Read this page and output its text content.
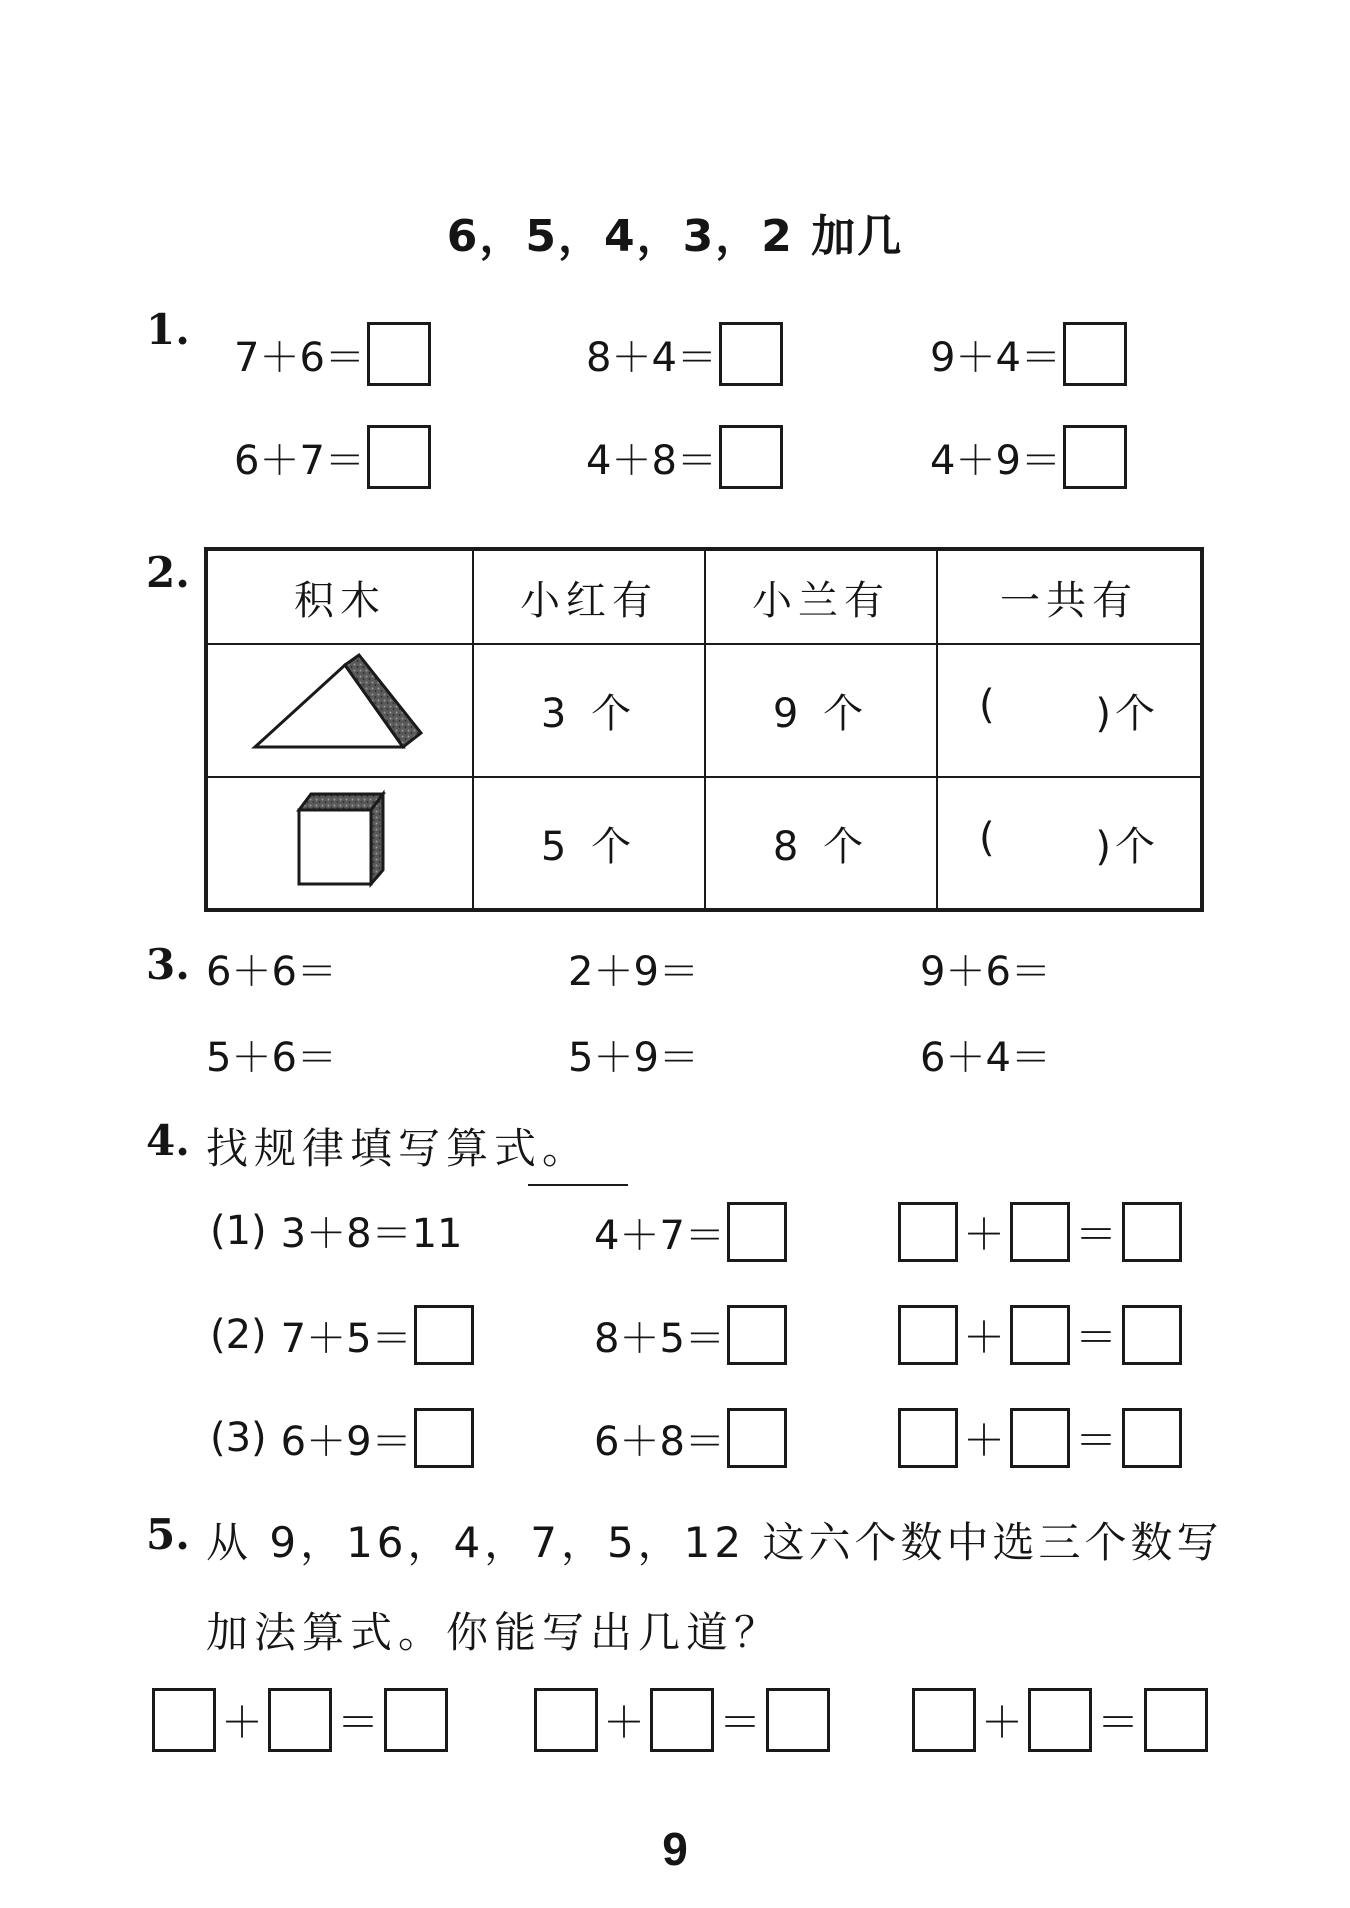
6，5，4，3，2 加几
1.
7＋6＝	8＋4＝	9＋4＝
6＋7＝	4＋8＝	4＋9＝
2.
积木	小红有	小兰有	一共有
	3 个	9 个	( )个

	5 个	8 个	( )个
3. 6＋6＝	2＋9＝	9＋6＝
5＋6＝	5＋9＝	6＋4＝
4. 找规律填写算式。
(1) 3＋8＝11	4＋7＝	＋ ＝
(2) 7＋5＝	8＋5＝	＋ ＝
(3) 6＋9＝	6＋8＝	＋ ＝
5. 从 9，16，4，7，5，12 这六个数中选三个数写
加法算式。你能写出几道？
＋ ＝	＋ ＝	＋ ＝
9
